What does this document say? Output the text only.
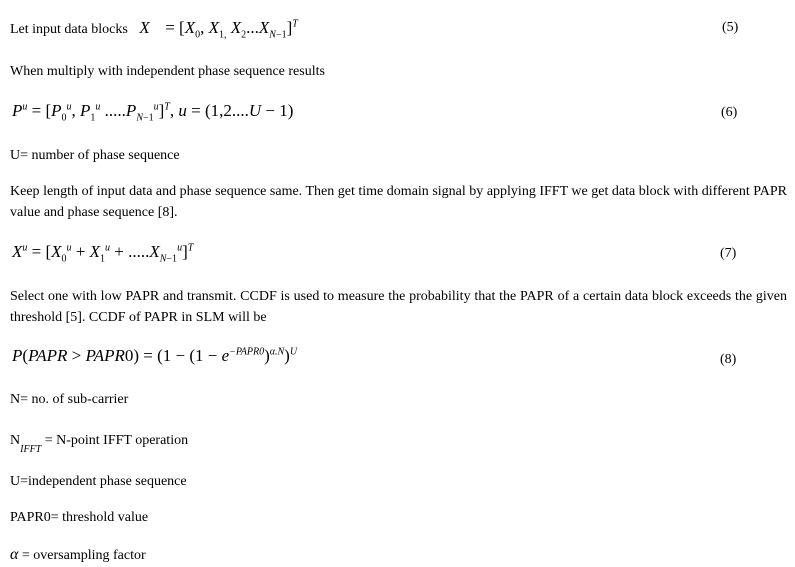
Let input data blocks $X = [X_0$, $X_{1,}$ $X_2...X_{N-1}]^T$	(5)
When multiply with independent phase sequence results
$P^u = [P_0^u$, $P_1^u$ $.....P_{N-1}^u]^T$, u = (1,2....U − 1)	(6)
U= number of phase sequence
Keep length of input data and phase sequence same. Then get time domain signal by applying IFFT we get data block with different PAPR value and phase sequence [8].
$X^u = [X_0^u + X_1^u + .....X_{N-1}^u]^T$	(7)
Select one with low PAPR and transmit. CCDF is used to measure the probability that the PAPR of a certain data block exceeds the given threshold [5]. CCDF of PAPR in SLM will be
P(PAPR > PAPR0) = $(1 - (1 - e^{-PAPR0})^{\alpha.N})^U$
(8)
N= no. of sub-carrier
$N_{IFFT}$ = N-point IFFT operation
U=independent phase sequence
PAPR0= threshold value
α = oversampling factor
